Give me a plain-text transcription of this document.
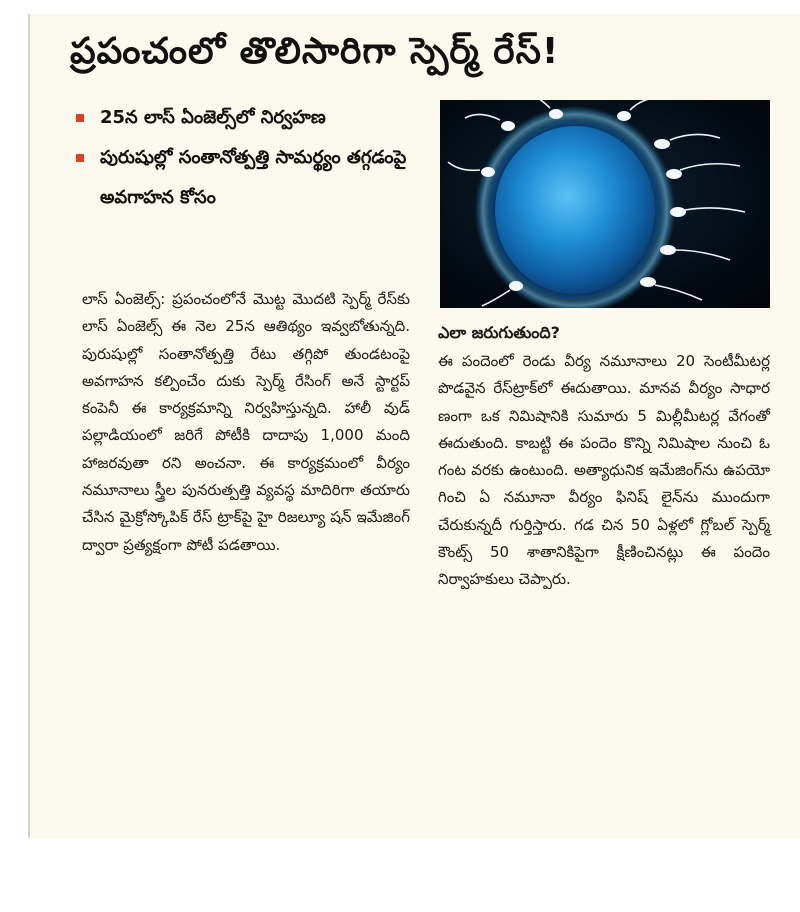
ప్రపంచంలో తొలిసారిగా స్పెర్మ్‌ రేస్‌!
25న లాస్‌ ఏంజెల్స్‌లో నిర్వహణ
పురుషుల్లో సంతానోత్పత్తి సామర్థ్యం తగ్గడంపై అవగాహన కోసం
లాస్‌ ఏంజెల్స్‌: ప్రపంచంలోనే మొట్ట మొదటి స్పెర్మ్‌ రేస్‌కు లాస్‌ ఏంజెల్స్‌ ఈ నెల 25న ఆతిథ్యం ఇవ్వబోతున్నది. పురుషుల్లో సంతానోత్పత్తి రేటు తగ్గిపో తుండటంపై అవగాహన కల్పించేం దుకు స్పెర్మ్‌ రేసింగ్‌ అనే స్టార్టప్‌ కంపెనీ ఈ కార్యక్రమాన్ని నిర్వహిస్తున్నది. హాలీ వుడ్‌ పల్లాడియంలో జరిగే పోటీకి దాదాపు 1,000 మంది హాజరవుతా రని అంచనా. ఈ కార్యక్రమంలో వీర్యం నమూనాలు స్త్రీల పునరుత్పత్తి వ్యవస్థ మాదిరిగా తయారు చేసిన మైక్రోస్కోపిక్‌ రేస్‌ ట్రాక్‌పై హై రిజల్యూ షన్‌ ఇమేజింగ్‌ ద్వారా ప్రత్యక్షంగా పోటీ పడతాయి.
ఎలా జరుగుతుంది?
ఈ పందెంలో రెండు వీర్య నమూనాలు 20 సెంటీమీటర్ల పొడవైన రేస్‌ట్రాక్‌లో ఈదుతాయి. మానవ వీర్యం సాధార ణంగా ఒక నిమిషానికి సుమారు 5 మిల్లీమీటర్ల వేగంతో ఈదుతుంది. కాబట్టి ఈ పందెం కొన్ని నిమిషాల నుంచి ఓ గంట వరకు ఉంటుంది. అత్యాధునిక ఇమేజింగ్‌ను ఉపయో గించి ఏ నమూనా వీర్యం ఫినిష్‌ లైన్‌ను ముందుగా చేరుకున్నదీ గుర్తిస్తారు. గడ చిన 50 ఏళ్లలో గ్లోబల్‌ స్పెర్మ్‌ కౌంట్స్‌ 50 శాతానికిపైగా క్షీణించినట్లు ఈ పందెం నిర్వాహకులు చెప్పారు.
